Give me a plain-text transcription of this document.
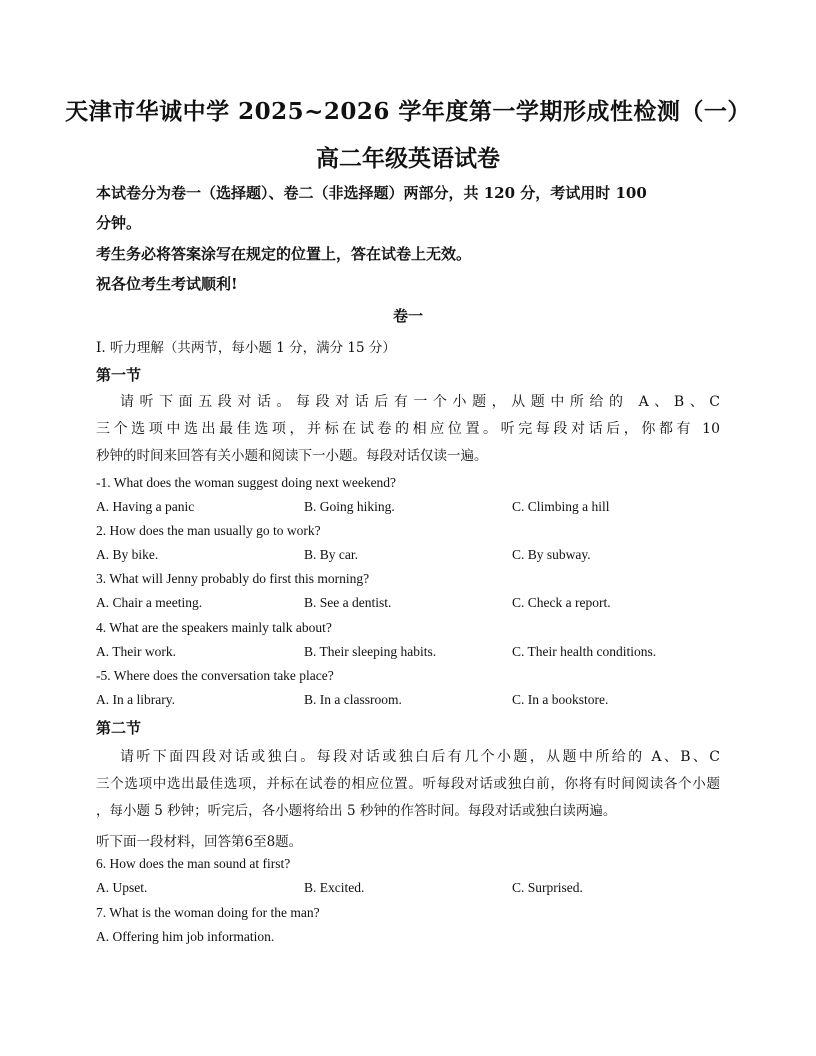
天津市华诚中学 2025~2026 学年度第一学期形成性检测（一）
高二年级英语试卷
本试卷分为卷一（选择题）、卷二（非选择题）两部分，共 120 分，考试用时 100
分钟。
考生务必将答案涂写在规定的位置上，答在试卷上无效。
祝各位考生考试顺利!
卷一
I. 听力理解（共两节，每小题 1 分，满分 15 分）
第一节
请听下面五段对话。每段对话后有一个小题，从题中所给的 A、B、C
三个选项中选出最佳选项，并标在试卷的相应位置。听完每段对话后，你都有 10
秒钟的时间来回答有关小题和阅读下一小题。每段对话仅读一遍。
-1. What does the woman suggest doing next weekend?
A. Having a panic	B. Going hiking.	C. Climbing a hill
2. How does the man usually go to work?
A. By bike.	B. By car.	C. By subway.
3. What will Jenny probably do first this morning?
A. Chair a meeting.	B. See a dentist.	C. Check a report.
4. What are the speakers mainly talk about?
A. Their work.	B. Their sleeping habits.	C. Their health conditions.
-5. Where does the conversation take place?
A. In a library.	B. In a classroom.	C. In a bookstore.
第二节
请听下面四段对话或独白。每段对话或独白后有几个小题，从题中所给的 A、B、C
三个选项中选出最佳选项，并标在试卷的相应位置。听每段对话或独白前，你将有时间阅读各个小题
，每小题 5 秒钟；听完后，各小题将给出 5 秒钟的作答时间。每段对话或独白读两遍。
听下面一段材料，回答第6至8题。
6. How does the man sound at first?
A. Upset.	B. Excited.	C. Surprised.
7. What is the woman doing for the man?
A. Offering him job information.
